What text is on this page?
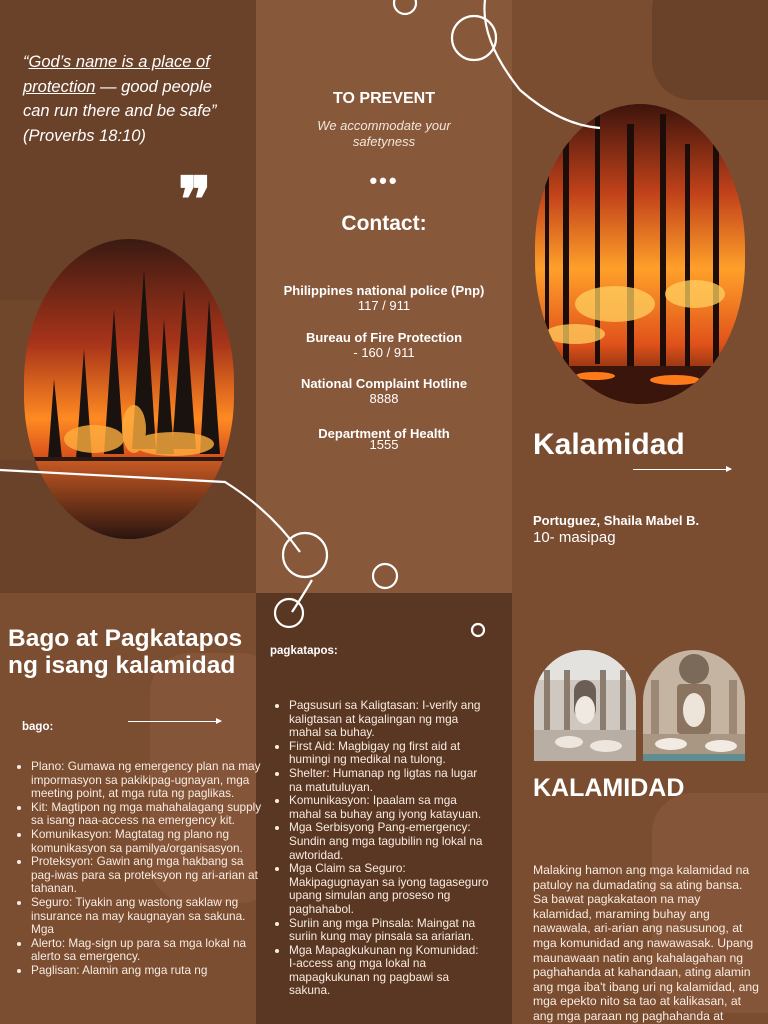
“God’s name is a place of protection — good people can run there and be safe” (Proverbs 18:10)
❞
TO PREVENT
We accommodate your safetyness
•••
Contact:
Philippines national police (Pnp)
117 / 911
Bureau of Fire Protection
- 160 / 911
National Complaint Hotline
8888
Department of Health
1555	Kalamidad
Portuguez, Shaila Mabel B.
10- masipag
Bago at Pagkatapos ng isang kalamidad
bago:
• Plano: Gumawa ng emergency plan na may impormasyon sa pakikipag-ugnayan, mga meeting point, at mga ruta ng paglikas.
• Kit: Magtipon ng mga mahahalagang supply sa isang naa-access na emergency kit.
• Komunikasyon: Magtatag ng plano ng komunikasyon sa pamilya/organisasyon.
• Proteksyon: Gawin ang mga hakbang sa pag-iwas para sa proteksyon ng ari-arian at tahanan.
• Seguro: Tiyakin ang wastong saklaw ng insurance na may kaugnayan sa sakuna. Mga
• Alerto: Mag-sign up para sa mga lokal na alerto sa emergency.
• Paglisan: Alamin ang mga ruta ng
pagkatapos:
• Pagsusuri sa Kaligtasan: I-verify ang kaligtasan at kagalingan ng mga mahal sa buhay.
• First Aid: Magbigay ng first aid at humingi ng medikal na tulong.
• Shelter: Humanap ng ligtas na lugar na matutuluyan.
• Komunikasyon: Ipaalam sa mga mahal sa buhay ang iyong katayuan.
• Mga Serbisyong Pang-emergency: Sundin ang mga tagubilin ng lokal na awtoridad.
• Mga Claim sa Seguro: Makipagugnayan sa iyong tagaseguro upang simulan ang proseso ng paghahabol.
• Suriin ang mga Pinsala: Maingat na suriin kung may pinsala sa ariarian.
• Mga Mapagkukunan ng Komunidad: I-access ang mga lokal na mapagkukunan ng pagbawi sa sakuna.
KALAMIDAD
Malaking hamon ang mga kalamidad na patuloy na dumadating sa ating bansa. Sa bawat pagkakataon na may kalamidad, maraming buhay ang nawawala, ari-arian ang nasusunog, at mga komunidad ang nawawasak. Upang maunawaan natin ang kahalagahan ng paghahanda at kahandaan, ating alamin ang mga iba't ibang uri ng kalamidad, ang mga epekto nito sa tao at kalikasan, at ang mga paraan ng paghahanda at
